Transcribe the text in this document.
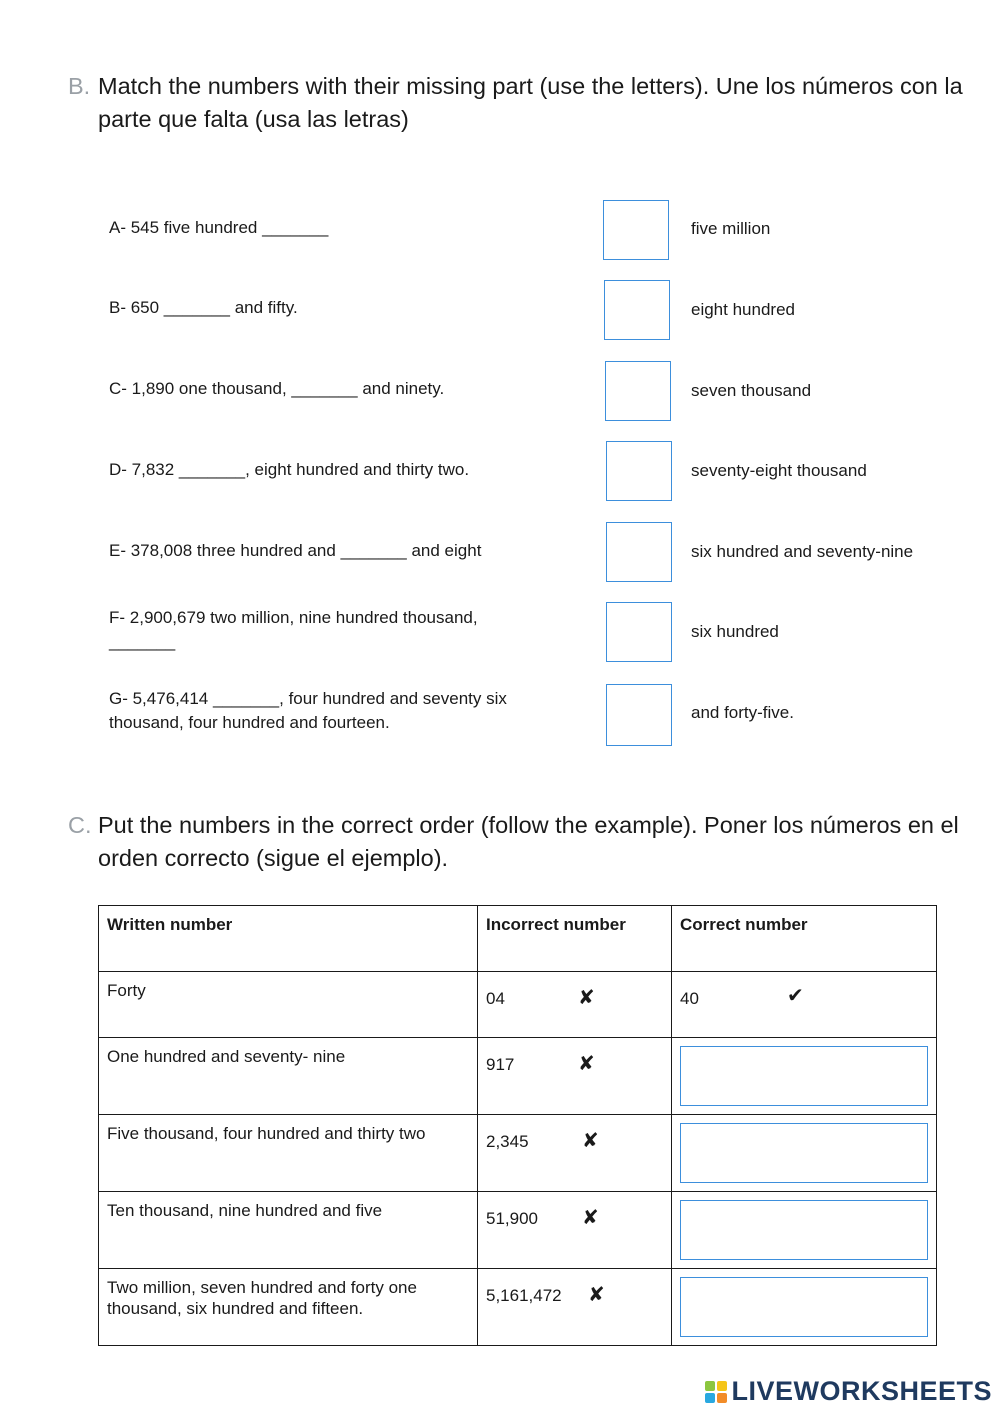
B. Match the numbers with their missing part (use the letters). Une los números con la parte que falta (usa las letras)
A- 545 five hundred _______
B- 650 _______ and fifty.
C- 1,890 one thousand, _______ and ninety.
D- 7,832 _______, eight hundred and thirty two.
E- 378,008 three hundred and _______ and eight
F- 2,900,679 two million, nine hundred thousand, _______
G- 5,476,414 _______, four hundred and seventy six thousand, four hundred and fourteen.
five million
eight hundred
seven thousand
seventy-eight thousand
six hundred and seventy-nine
six hundred
and forty-five.
C. Put the numbers in the correct order (follow the example). Poner los números en el orden correcto (sigue el ejemplo).
Written number	Incorrect number	Correct number
Forty	04 ✘	40 ✔

One hundred and seventy- nine	917 ✘	

Five thousand, four hundred and thirty two	2,345 ✘	

Ten thousand, nine hundred and five	51,900 ✘	

Two million, seven hundred and forty one thousand, six hundred and fifteen.	5,161,472 ✘	

LIVEWORKSHEETS
